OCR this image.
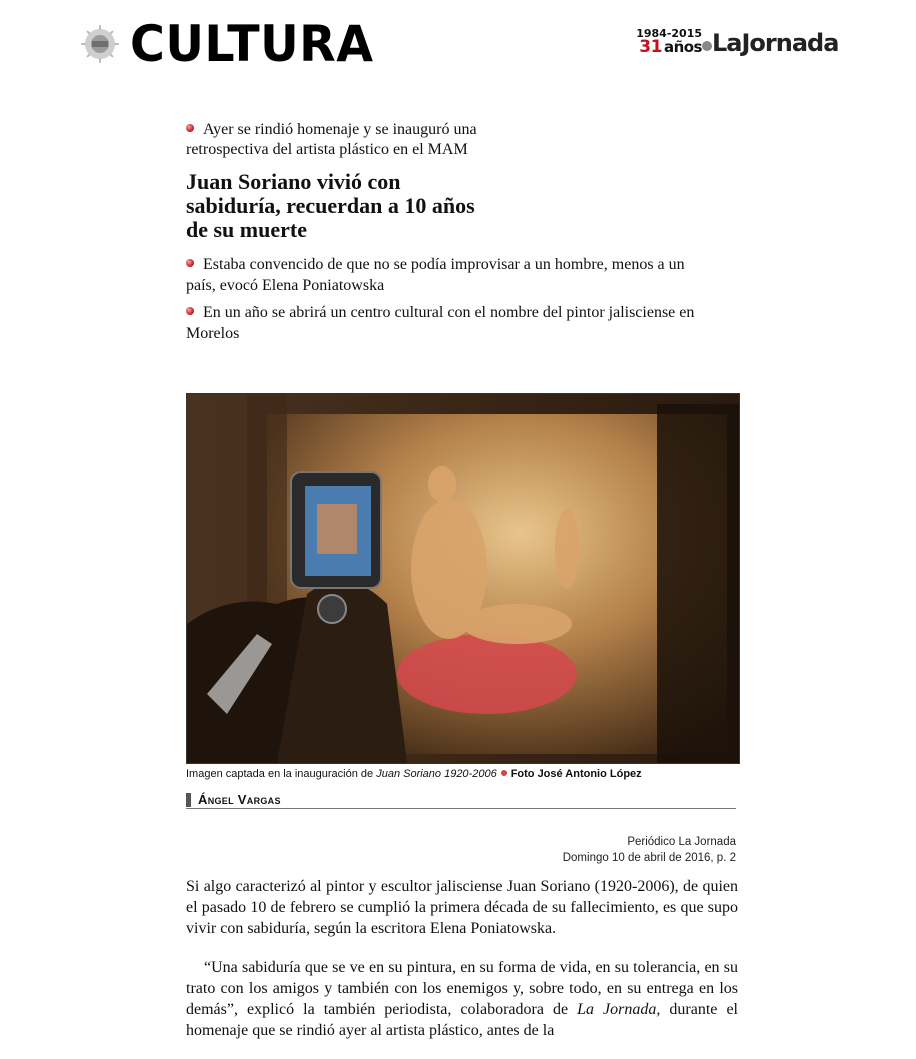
CULTURA	1984-2015
31 años LaJornada

Ayer se rindió homenaje y se inauguró una retrospectiva del artista plástico en el MAM

Juan Soriano vivió con sabiduría, recuerdan a 10 años de su muerte

Estaba convencido de que no se podía improvisar a un hombre, menos a un país, evocó Elena Poniatowska

En un año se abrirá un centro cultural con el nombre del pintor jalisciense en Morelos

Imagen captada en la inauguración de Juan Soriano 1920-2006 Foto José Antonio López
Ángel Vargas
Periódico La Jornada
Domingo 10 de abril de 2016, p. 2

Si algo caracterizó al pintor y escultor jalisciense Juan Soriano (1920-2006), de quien el pasado 10 de febrero se cumplió la primera década de su fallecimiento, es que supo vivir con sabiduría, según la escritora Elena Poniatowska.

“Una sabiduría que se ve en su pintura, en su forma de vida, en su tolerancia, en su trato con los amigos y también con los enemigos y, sobre todo, en su entrega en los demás”, explicó la también periodista, colaboradora de La Jornada, durante el homenaje que se rindió ayer al artista plástico, antes de la
